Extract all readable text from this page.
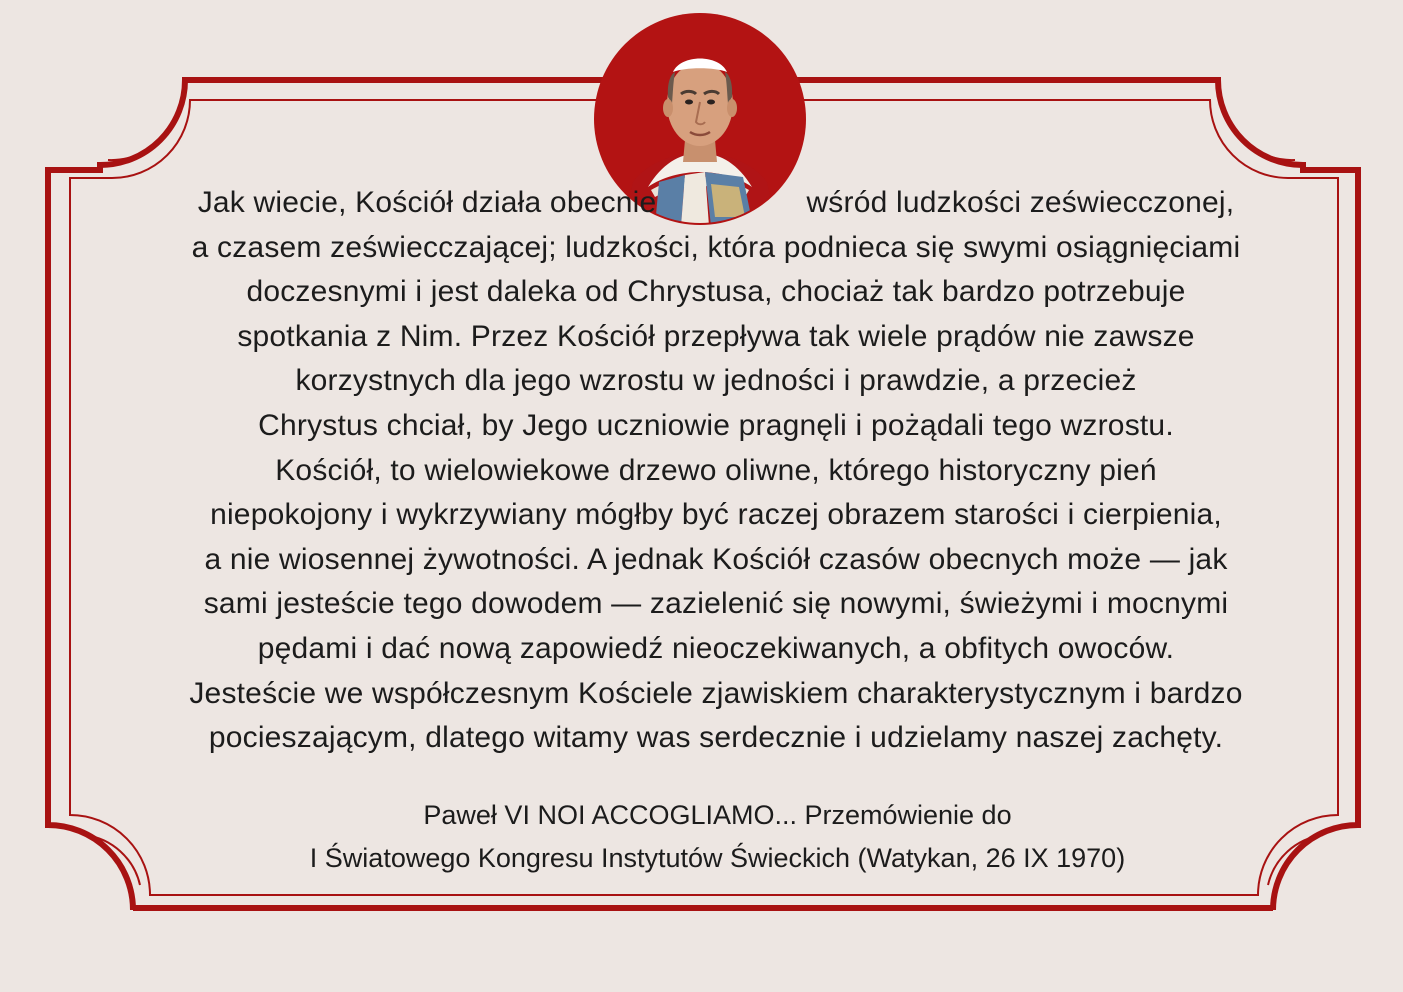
Jak wiecie, Kościół działa obecnie	wśród ludzkości zeświecczonej,
a czasem zeświecczającej; ludzkości, która podnieca się swymi osiągnięciami
doczesnymi i jest daleka od Chrystusa, chociaż tak bardzo potrzebuje
spotkania z Nim. Przez Kościół przepływa tak wiele prądów nie zawsze
korzystnych dla jego wzrostu w jedności i prawdzie, a przecież
Chrystus chciał, by Jego uczniowie pragnęli i pożądali tego wzrostu.
Kościół, to wielowiekowe drzewo oliwne, którego historyczny pień
niepokojony i wykrzywiany mógłby być raczej obrazem starości i cierpienia,
a nie wiosennej żywotności. A jednak Kościół czasów obecnych może — jak
sami jesteście tego dowodem — zazielenić się nowymi, świeżymi i mocnymi
pędami i dać nową zapowiedź nieoczekiwanych, a obfitych owoców.
Jesteście we współczesnym Kościele zjawiskiem charakterystycznym i bardzo
pocieszającym, dlatego witamy was serdecznie i udzielamy naszej zachęty.
Paweł VI NOI ACCOGLIAMO... Przemówienie do
I Światowego Kongresu Instytutów Świeckich (Watykan, 26 IX 1970)
